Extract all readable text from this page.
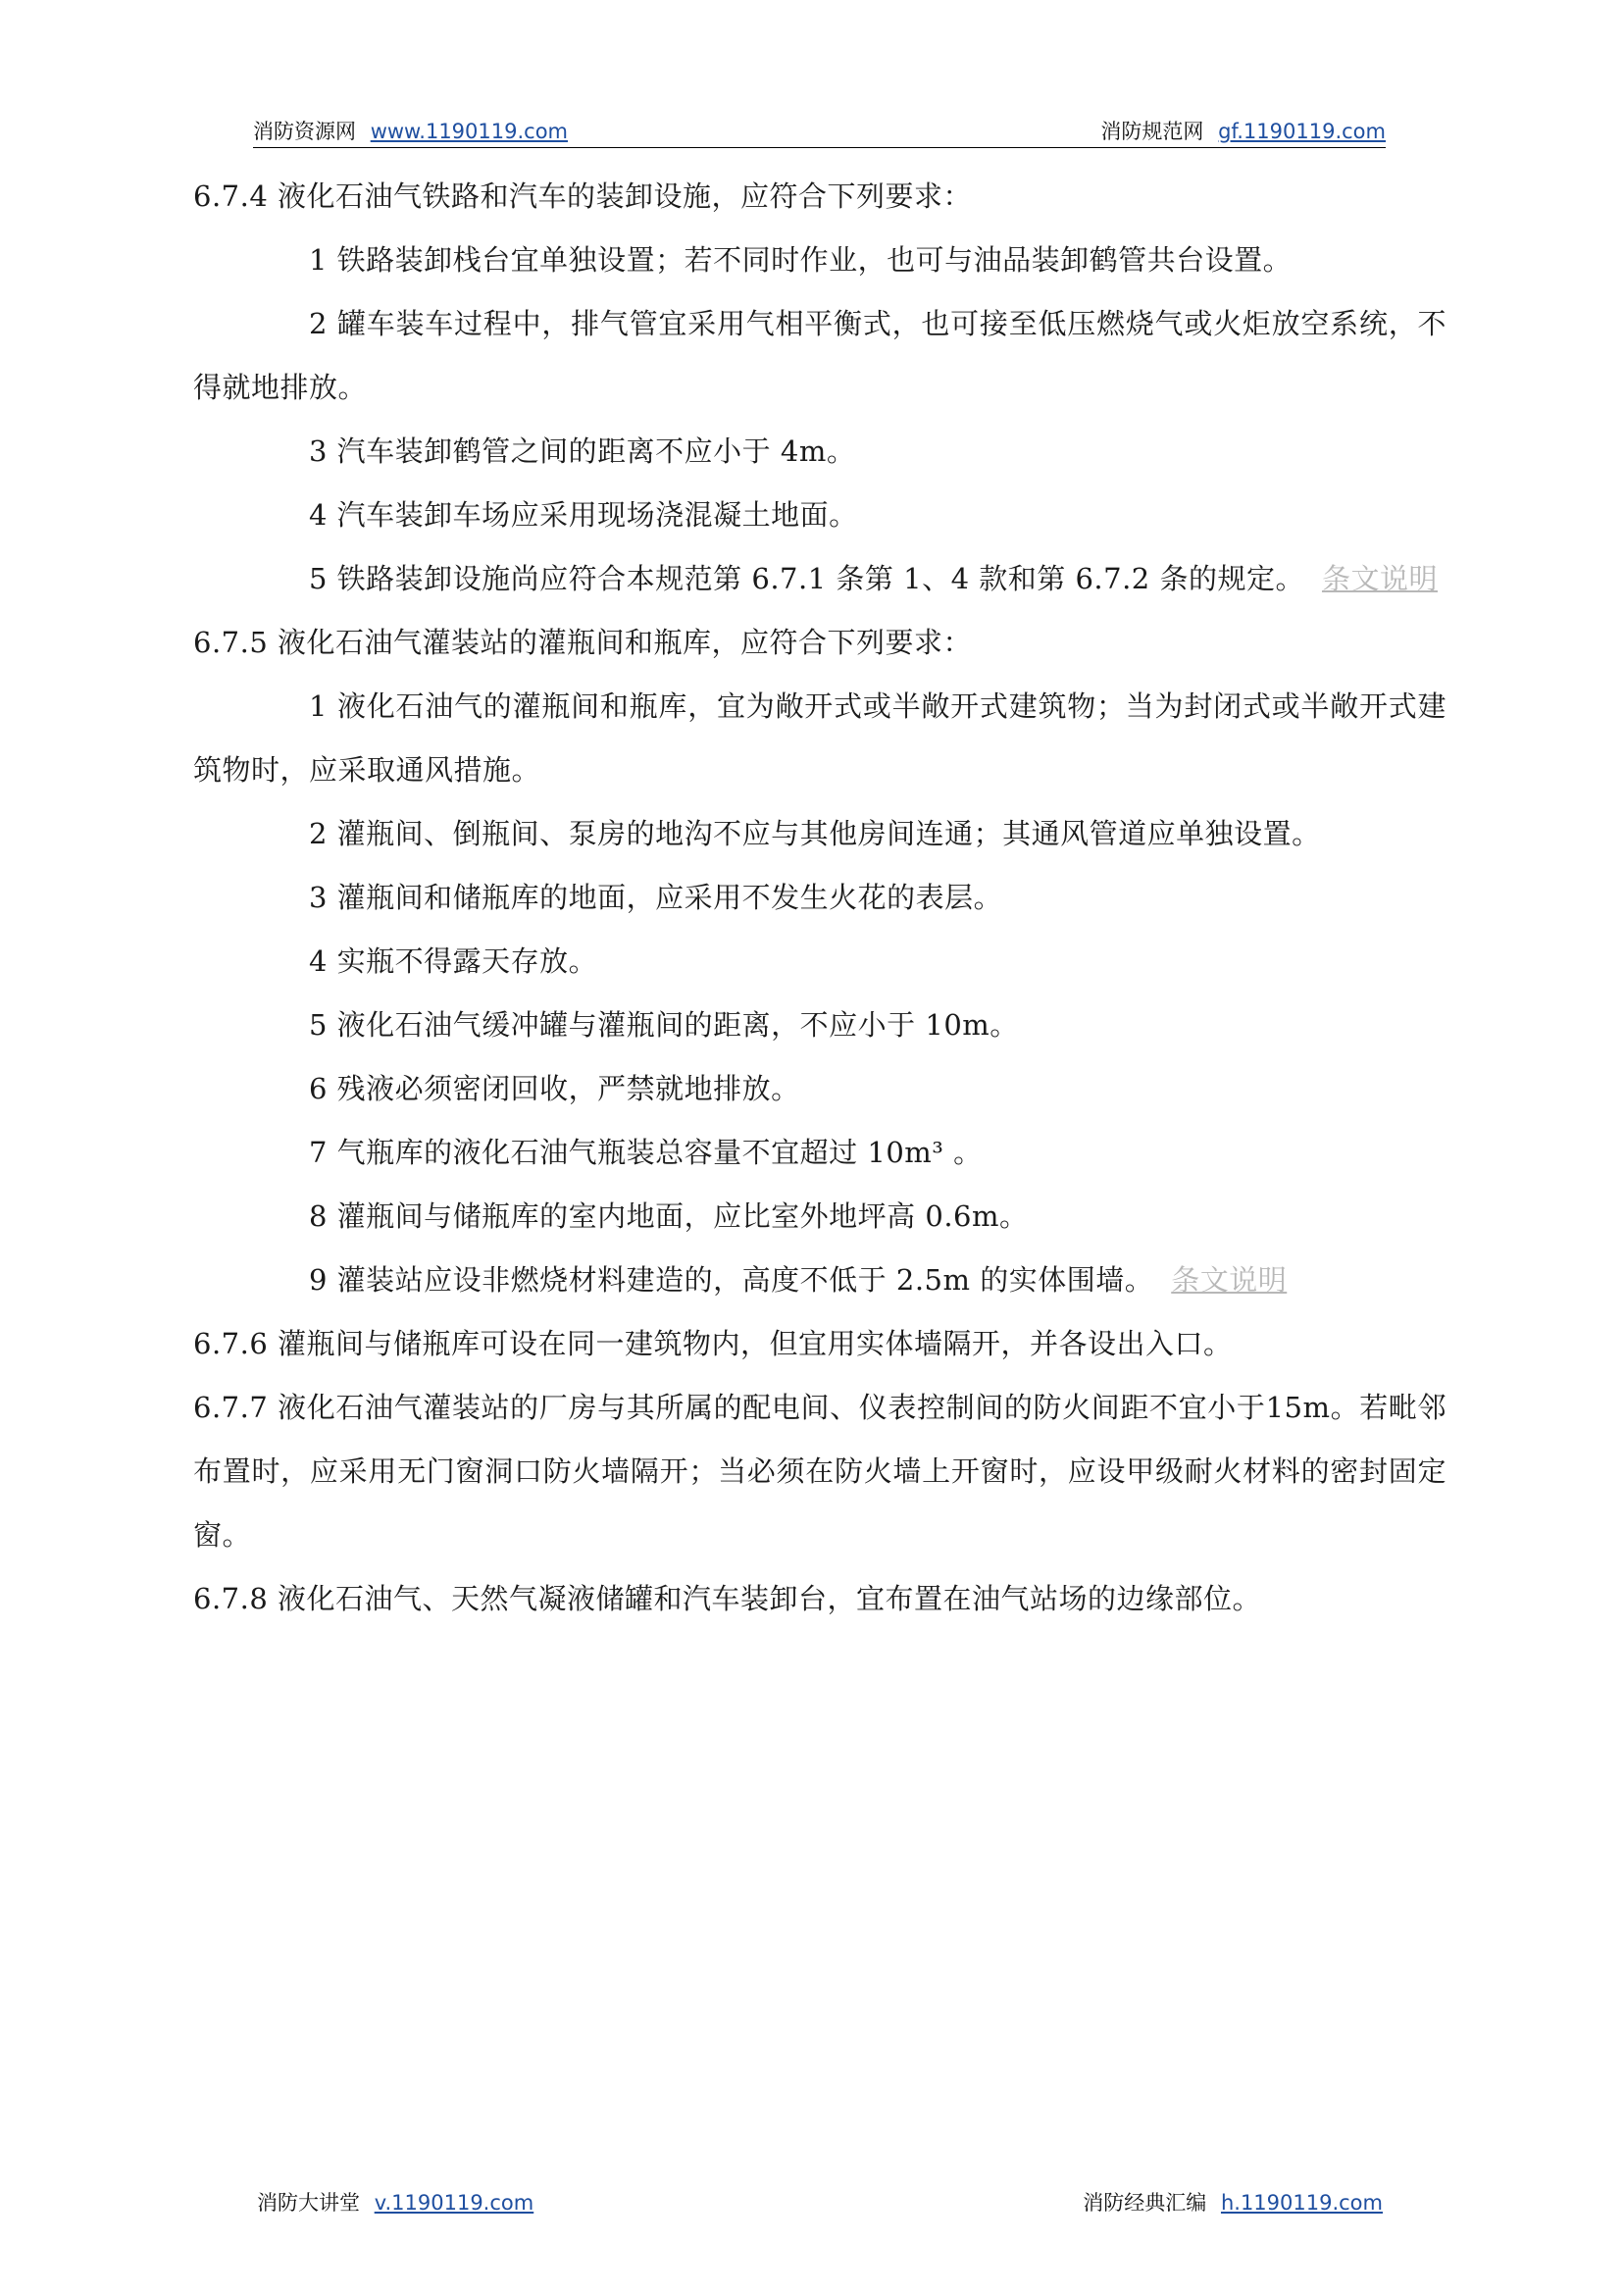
消防资源网 www.1190119.com	消防规范网 gf.1190119.com

6.7.4 液化石油气铁路和汽车的装卸设施，应符合下列要求：

1 铁路装卸栈台宜单独设置；若不同时作业，也可与油品装卸鹤管共台设置。

2 罐车装车过程中，排气管宜采用气相平衡式，也可接至低压燃烧气或火炬放空系统，不得就地排放。

3 汽车装卸鹤管之间的距离不应小于 4m。

4 汽车装卸车场应采用现场浇混凝土地面。

5 铁路装卸设施尚应符合本规范第 6.7.1 条第 1、4 款和第 6.7.2 条的规定。 条文说明

6.7.5 液化石油气灌装站的灌瓶间和瓶库，应符合下列要求：

1 液化石油气的灌瓶间和瓶库，宜为敞开式或半敞开式建筑物；当为封闭式或半敞开式建筑物时，应采取通风措施。

2 灌瓶间、倒瓶间、泵房的地沟不应与其他房间连通；其通风管道应单独设置。

3 灌瓶间和储瓶库的地面，应采用不发生火花的表层。

4 实瓶不得露天存放。

5 液化石油气缓冲罐与灌瓶间的距离，不应小于 10m。

6 残液必须密闭回收，严禁就地排放。

7 气瓶库的液化石油气瓶装总容量不宜超过 10m³ 。

8 灌瓶间与储瓶库的室内地面，应比室外地坪高 0.6m。

9 灌装站应设非燃烧材料建造的，高度不低于 2.5m 的实体围墙。 条文说明

6.7.6 灌瓶间与储瓶库可设在同一建筑物内，但宜用实体墙隔开，并各设出入口。

6.7.7 液化石油气灌装站的厂房与其所属的配电间、仪表控制间的防火间距不宜小于15m。若毗邻布置时，应采用无门窗洞口防火墙隔开；当必须在防火墙上开窗时，应设甲级耐火材料的密封固定窗。

6.7.8 液化石油气、天然气凝液储罐和汽车装卸台，宜布置在油气站场的边缘部位。

消防大讲堂 v.1190119.com	消防经典汇编 h.1190119.com
